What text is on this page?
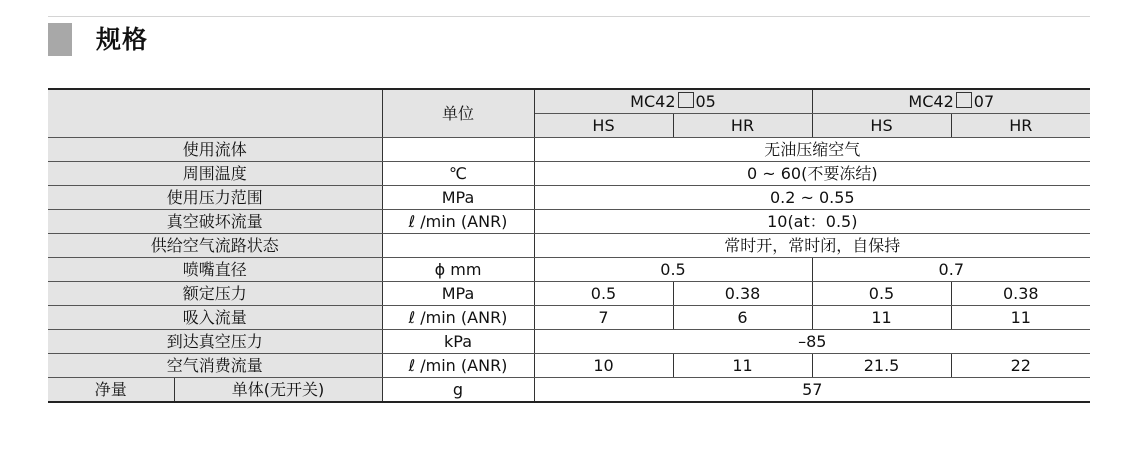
规格
		单位	MC42 05		MC42 07	
			HS	HR	HS	HR
使用流体			无油压缩空气			
周围温度		℃	0 ~ 60(不要冻结)			
使用压力范围		MPa	0.2 ~ 0.55			
真空破坏流量		ℓ /min (ANR)	10(at：0.5)			
供给空气流路状态			常时开，常时闭，自保持			
喷嘴直径		ϕ mm	0.5		0.7	
额定压力		MPa	0.5	0.38	0.5	0.38
吸入流量		ℓ /min (ANR)	7	6	11	11
到达真空压力		kPa	–85			
空气消费流量		ℓ /min (ANR)	10	11	21.5	22
净量	单体(无开关)	g	57			
